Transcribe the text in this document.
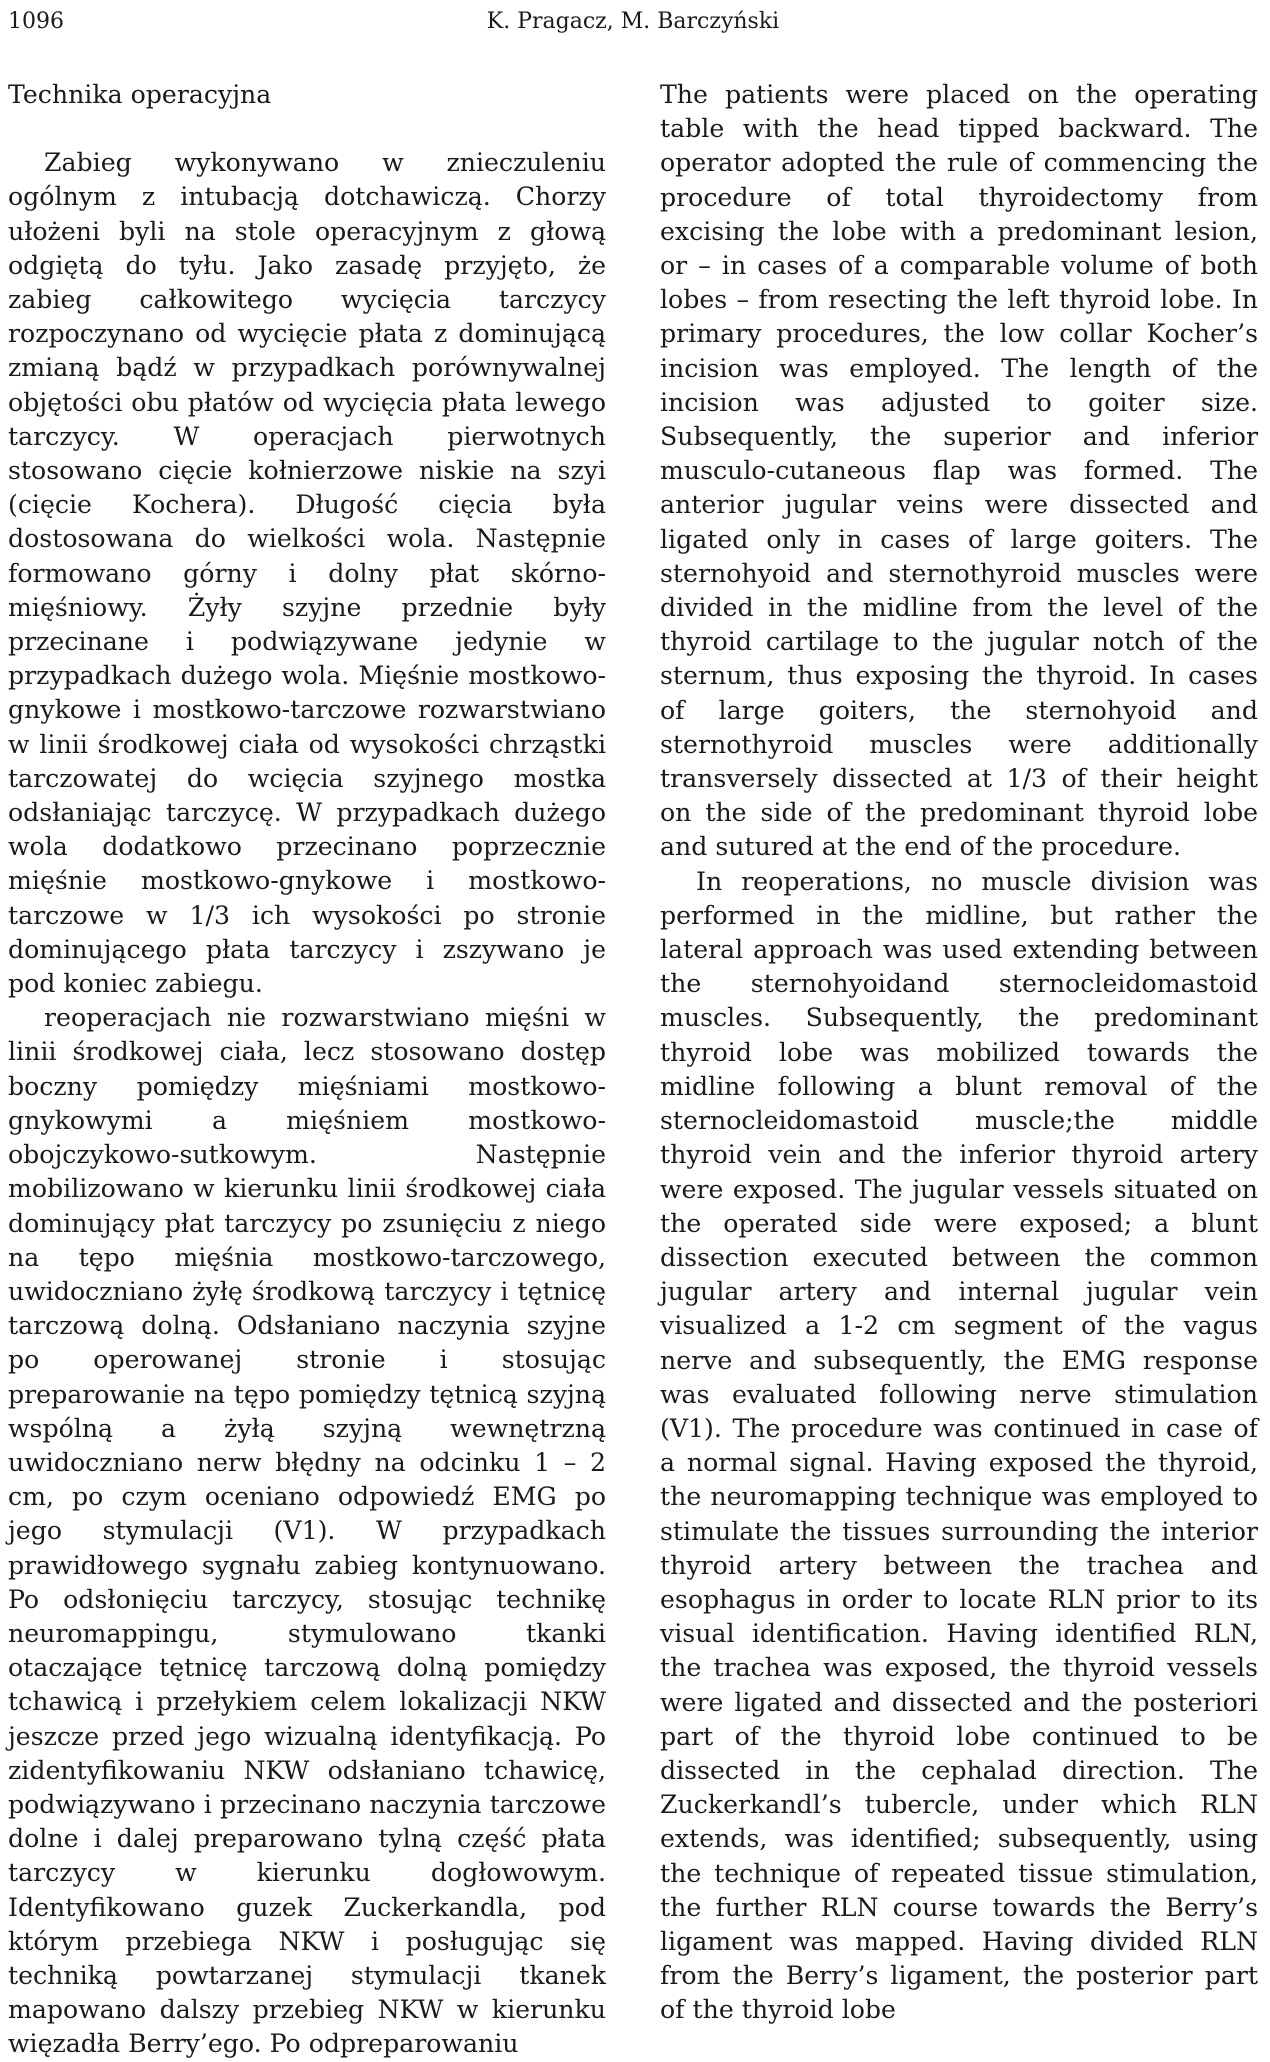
1096	K. Pragacz, M. Barczyński
Technika operacyjna

Zabieg wykonywano w znieczuleniu ogólnym z intubacją dotchawiczą. Chorzy ułożeni byli na stole operacyjnym z głową odgiętą do tyłu. Jako zasadę przyjęto, że zabieg całkowitego wycięcia tarczycy rozpoczynano od wycięcie płata z dominującą zmianą bądź w przypadkach porównywalnej objętości obu płatów od wycięcia płata lewego tarczycy. W operacjach pierwotnych stosowano cięcie kołnierzowe niskie na szyi (cięcie Kochera). Długość cięcia była dostosowana do wielkości wola. Następnie formowano górny i dolny płat skórno-mięśniowy. Żyły szyjne przednie były przecinane i podwiązywane jedynie w przypadkach dużego wola. Mięśnie mostkowo-gnykowe i mostkowo-tarczowe rozwarstwiano w linii środkowej ciała od wysokości chrząstki tarczowatej do wcięcia szyjnego mostka odsłaniając tarczycę. W przypadkach dużego wola dodatkowo przecinano poprzecznie mięśnie mostkowo-gnykowe i mostkowo-tarczowe w 1/3 ich wysokości po stronie dominującego płata tarczycy i zszywano je pod koniec zabiegu.

reoperacjach nie rozwarstwiano mięśni w linii środkowej ciała, lecz stosowano dostęp boczny pomiędzy mięśniami mostkowo-gnykowymi a mięśniem mostkowo-obojczykowo-sutkowym. Następnie mobilizowano w kierunku linii środkowej ciała dominujący płat tarczycy po zsunięciu z niego na tępo mięśnia mostkowo-tarczowego, uwidoczniano żyłę środkową tarczycy i tętnicę tarczową dolną. Odsłaniano naczynia szyjne po operowanej stronie i stosując preparowanie na tępo pomiędzy tętnicą szyjną wspólną a żyłą szyjną wewnętrzną uwidoczniano nerw błędny na odcinku 1 – 2 cm, po czym oceniano odpowiedź EMG po jego stymulacji (V1). W przypadkach prawidłowego sygnału zabieg kontynuowano. Po odsłonięciu tarczycy, stosując technikę neuromappingu, stymulowano tkanki otaczające tętnicę tarczową dolną pomiędzy tchawicą i przełykiem celem lokalizacji NKW jeszcze przed jego wizualną identyfikacją. Po zidentyfikowaniu NKW odsłaniano tchawicę, podwiązywano i przecinano naczynia tarczowe dolne i dalej preparowano tylną część płata tarczycy w kierunku dogłowowym. Identyfikowano guzek Zuckerkandla, pod którym przebiega NKW i posługując się techniką powtarzanej stymulacji tkanek mapowano dalszy przebieg NKW w kierunku więzadła Berry’ego. Po odpreparowaniu

The patients were placed on the operating table with the head tipped backward. The operator adopted the rule of commencing the procedure of total thyroidectomy from excising the lobe with a predominant lesion, or – in cases of a comparable volume of both lobes – from resecting the left thyroid lobe. In primary procedures, the low collar Kocher’s incision was employed. The length of the incision was adjusted to goiter size. Subsequently, the superior and inferior musculo-cutaneous flap was formed. The anterior jugular veins were dissected and ligated only in cases of large goiters. The sternohyoid and sternothyroid muscles were divided in the midline from the level of the thyroid cartilage to the jugular notch of the sternum, thus exposing the thyroid. In cases of large goiters, the sternohyoid and sternothyroid muscles were additionally transversely dissected at 1/3 of their height on the side of the predominant thyroid lobe and sutured at the end of the procedure.

In reoperations, no muscle division was performed in the midline, but rather the lateral approach was used extending between the sternohyoidand sternocleidomastoid muscles. Subsequently, the predominant thyroid lobe was mobilized towards the midline following a blunt removal of the sternocleidomastoid muscle;the middle thyroid vein and the inferior thyroid artery were exposed. The jugular vessels situated on the operated side were exposed; a blunt dissection executed between the common jugular artery and internal jugular vein visualized a 1-2 cm segment of the vagus nerve and subsequently, the EMG response was evaluated following nerve stimulation (V1). The procedure was continued in case of a normal signal. Having exposed the thyroid, the neuromapping technique was employed to stimulate the tissues surrounding the interior thyroid artery between the trachea and esophagus in order to locate RLN prior to its visual identification. Having identified RLN, the trachea was exposed, the thyroid vessels were ligated and dissected and the posteriori part of the thyroid lobe continued to be dissected in the cephalad direction. The Zuckerkandl’s tubercle, under which RLN extends, was identified; subsequently, using the technique of repeated tissue stimulation, the further RLN course towards the Berry’s ligament was mapped. Having divided RLN from the Berry’s ligament, the posterior part of the thyroid lobe
